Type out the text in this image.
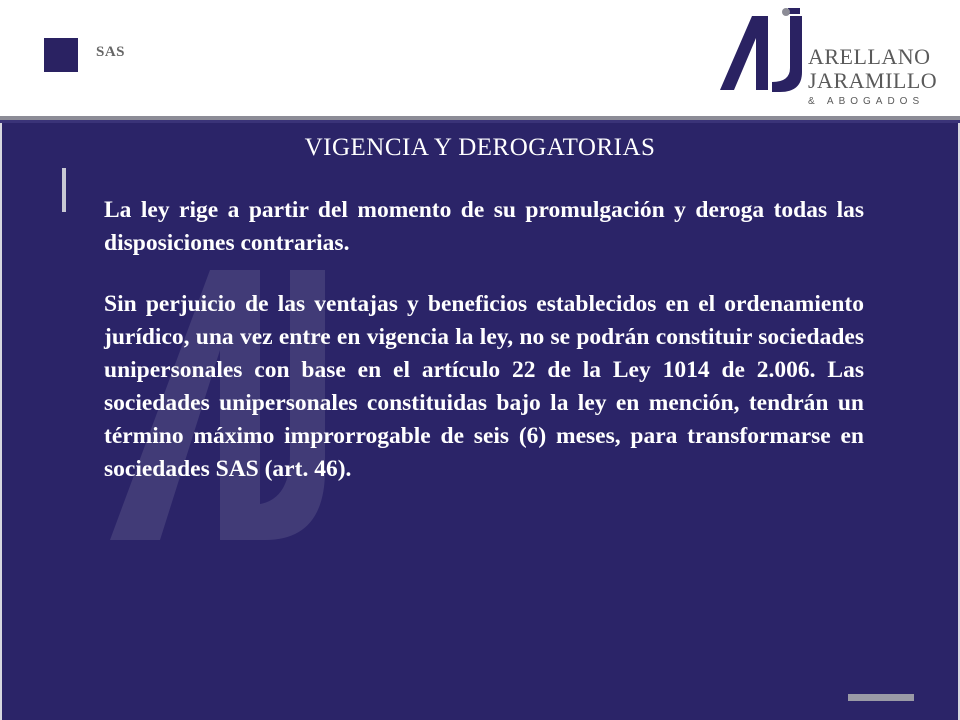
SAS	ARELLANO
JARAMILLO
& ABOGADOS
VIGENCIA Y DEROGATORIAS

La ley rige a partir del momento de su promulgación y deroga todas las disposiciones contrarias.

Sin perjuicio de las ventajas y beneficios establecidos en el ordenamiento jurídico, una vez entre en vigencia la ley, no se podrán constituir sociedades unipersonales con base en el artículo 22 de la Ley 1014 de 2.006. Las sociedades unipersonales constituidas bajo la ley en mención, tendrán un término máximo improrrogable de seis (6) meses, para transformarse en sociedades SAS (art. 46).
